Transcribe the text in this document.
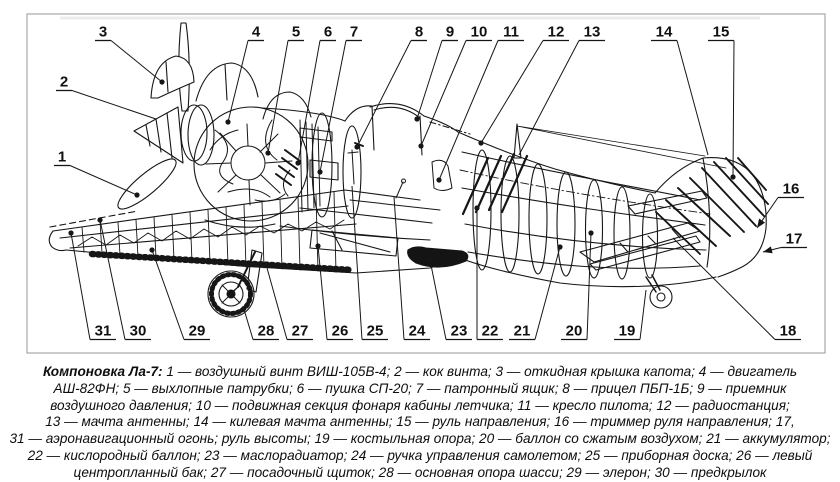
1
2
3	4 5 6 7	8 9 10 11 12 13	14	15
16
17
18
19
20
21
22
23
24
25
26
27
28
29
30
31
Компоновка Ла-7: 1 — воздушный винт ВИШ-105В-4; 2 — кок винта; 3 — откидная крышка капота; 4 — двигатель
АШ-82ФН; 5 — выхлопные патрубки; 6 — пушка СП-20; 7 — патронный ящик; 8 — прицел ПБП-1Б; 9 — приемник
воздушного давления; 10 — подвижная секция фонаря кабины летчика; 11 — кресло пилота; 12 — радиостанция;
13 — мачта антенны; 14 — килевая мачта антенны; 15 — руль направления; 16 — триммер руля направления; 17,
31 — аэронавигационный огонь; руль высоты; 19 — костыльная опора; 20 — баллон со сжатым воздухом; 21 — аккумулятор;
22 — кислородный баллон; 23 — маслорадиатор; 24 — ручка управления самолетом; 25 — приборная доска; 26 — левый
центропланный бак; 27 — посадочный щиток; 28 — основная опора шасси; 29 — элерон; 30 — предкрылок
